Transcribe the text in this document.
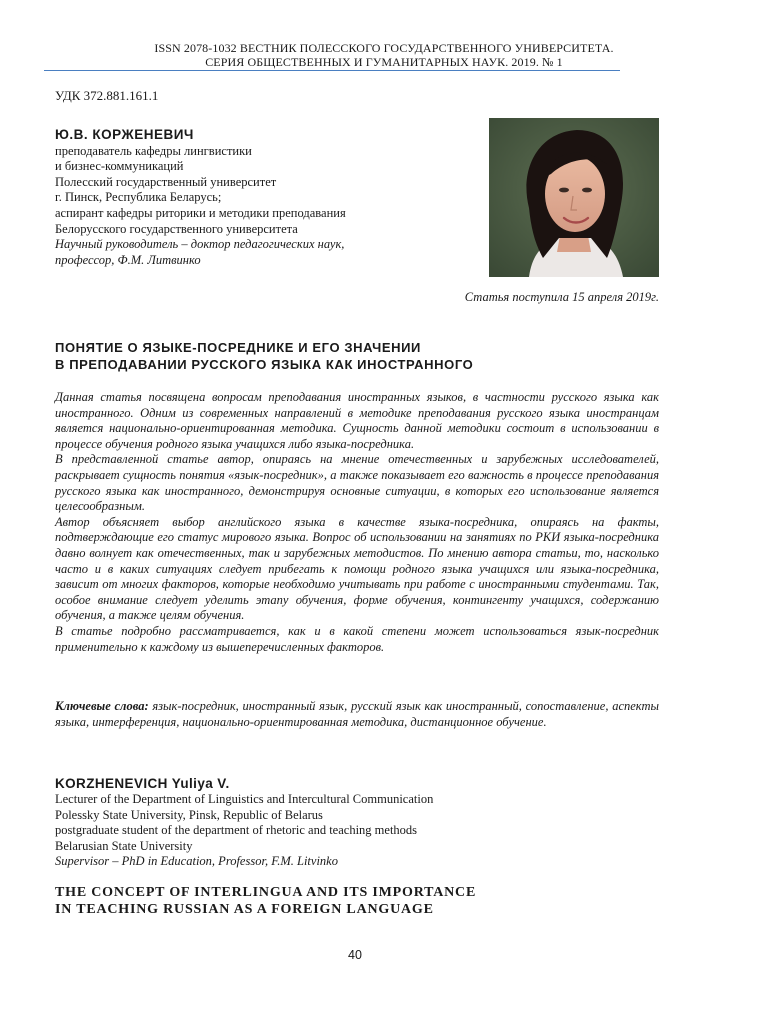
ISSN 2078-1032 ВЕСТНИК ПОЛЕССКОГО ГОСУДАРСТВЕННОГО УНИВЕРСИТЕТА.
СЕРИЯ ОБЩЕСТВЕННЫХ И ГУМАНИТАРНЫХ НАУК. 2019. № 1
УДК 372.881.161.1
Ю.В. КОРЖЕНЕВИЧ
преподаватель кафедры лингвистики
и бизнес-коммуникаций
Полесский государственный университет
г. Пинск, Республика Беларусь;
аспирант кафедры риторики и методики преподавания
Белорусского государственного университета
Научный руководитель – доктор педагогических наук,
профессор, Ф.М. Литвинко
Статья поступила 15 апреля 2019г.
ПОНЯТИЕ О ЯЗЫКЕ-ПОСРЕДНИКЕ И ЕГО ЗНАЧЕНИИ
В ПРЕПОДАВАНИИ РУССКОГО ЯЗЫКА КАК ИНОСТРАННОГО

Данная статья посвящена вопросам преподавания иностранных языков, в частности русского языка как иностранного. Одним из современных направлений в методике преподавания русского языка иностранцам является национально-ориентированная методика. Сущность данной методики состоит в использовании в процессе обучения родного языка учащихся либо языка-посредника.

В представленной статье автор, опираясь на мнение отечественных и зарубежных исследователей, раскрывает сущность понятия «язык-посредник», а также показывает его важность в процессе преподавания русского языка как иностранного, демонстрируя основные ситуации, в которых его использование является целесообразным.

Автор объясняет выбор английского языка в качестве языка-посредника, опираясь на факты, подтверждающие его статус мирового языка. Вопрос об использовании на занятиях по РКИ языка-посредника давно волнует как отечественных, так и зарубежных методистов. По мнению автора статьи, то, насколько часто и в каких ситуациях следует прибегать к помощи родного языка учащихся или языка-посредника, зависит от многих факторов, которые необходимо учитывать при работе с иностранными студентами. Так, особое внимание следует уделить этапу обучения, форме обучения, контингенту учащихся, содержанию обучения, а также целям обучения.

В статье подробно рассматривается, как и в какой степени может использоваться язык-посредник применительно к каждому из вышеперечисленных факторов.

Ключевые слова: язык-посредник, иностранный язык, русский язык как иностранный, сопоставление, аспекты языка, интерференция, национально-ориентированная методика, дистанционное обучение.
KORZHENEVICH Yuliya V.
Lecturer of the Department of Linguistics and Intercultural Communication
Polessky State University, Pinsk, Republic of Belarus
postgraduate student of the department of rhetoric and teaching methods
Belarusian State University
Supervisor – PhD in Education, Professor, F.M. Litvinko
THE CONCEPT OF INTERLINGUA AND ITS IMPORTANCE
IN TEACHING RUSSIAN AS A FOREIGN LANGUAGE
40
